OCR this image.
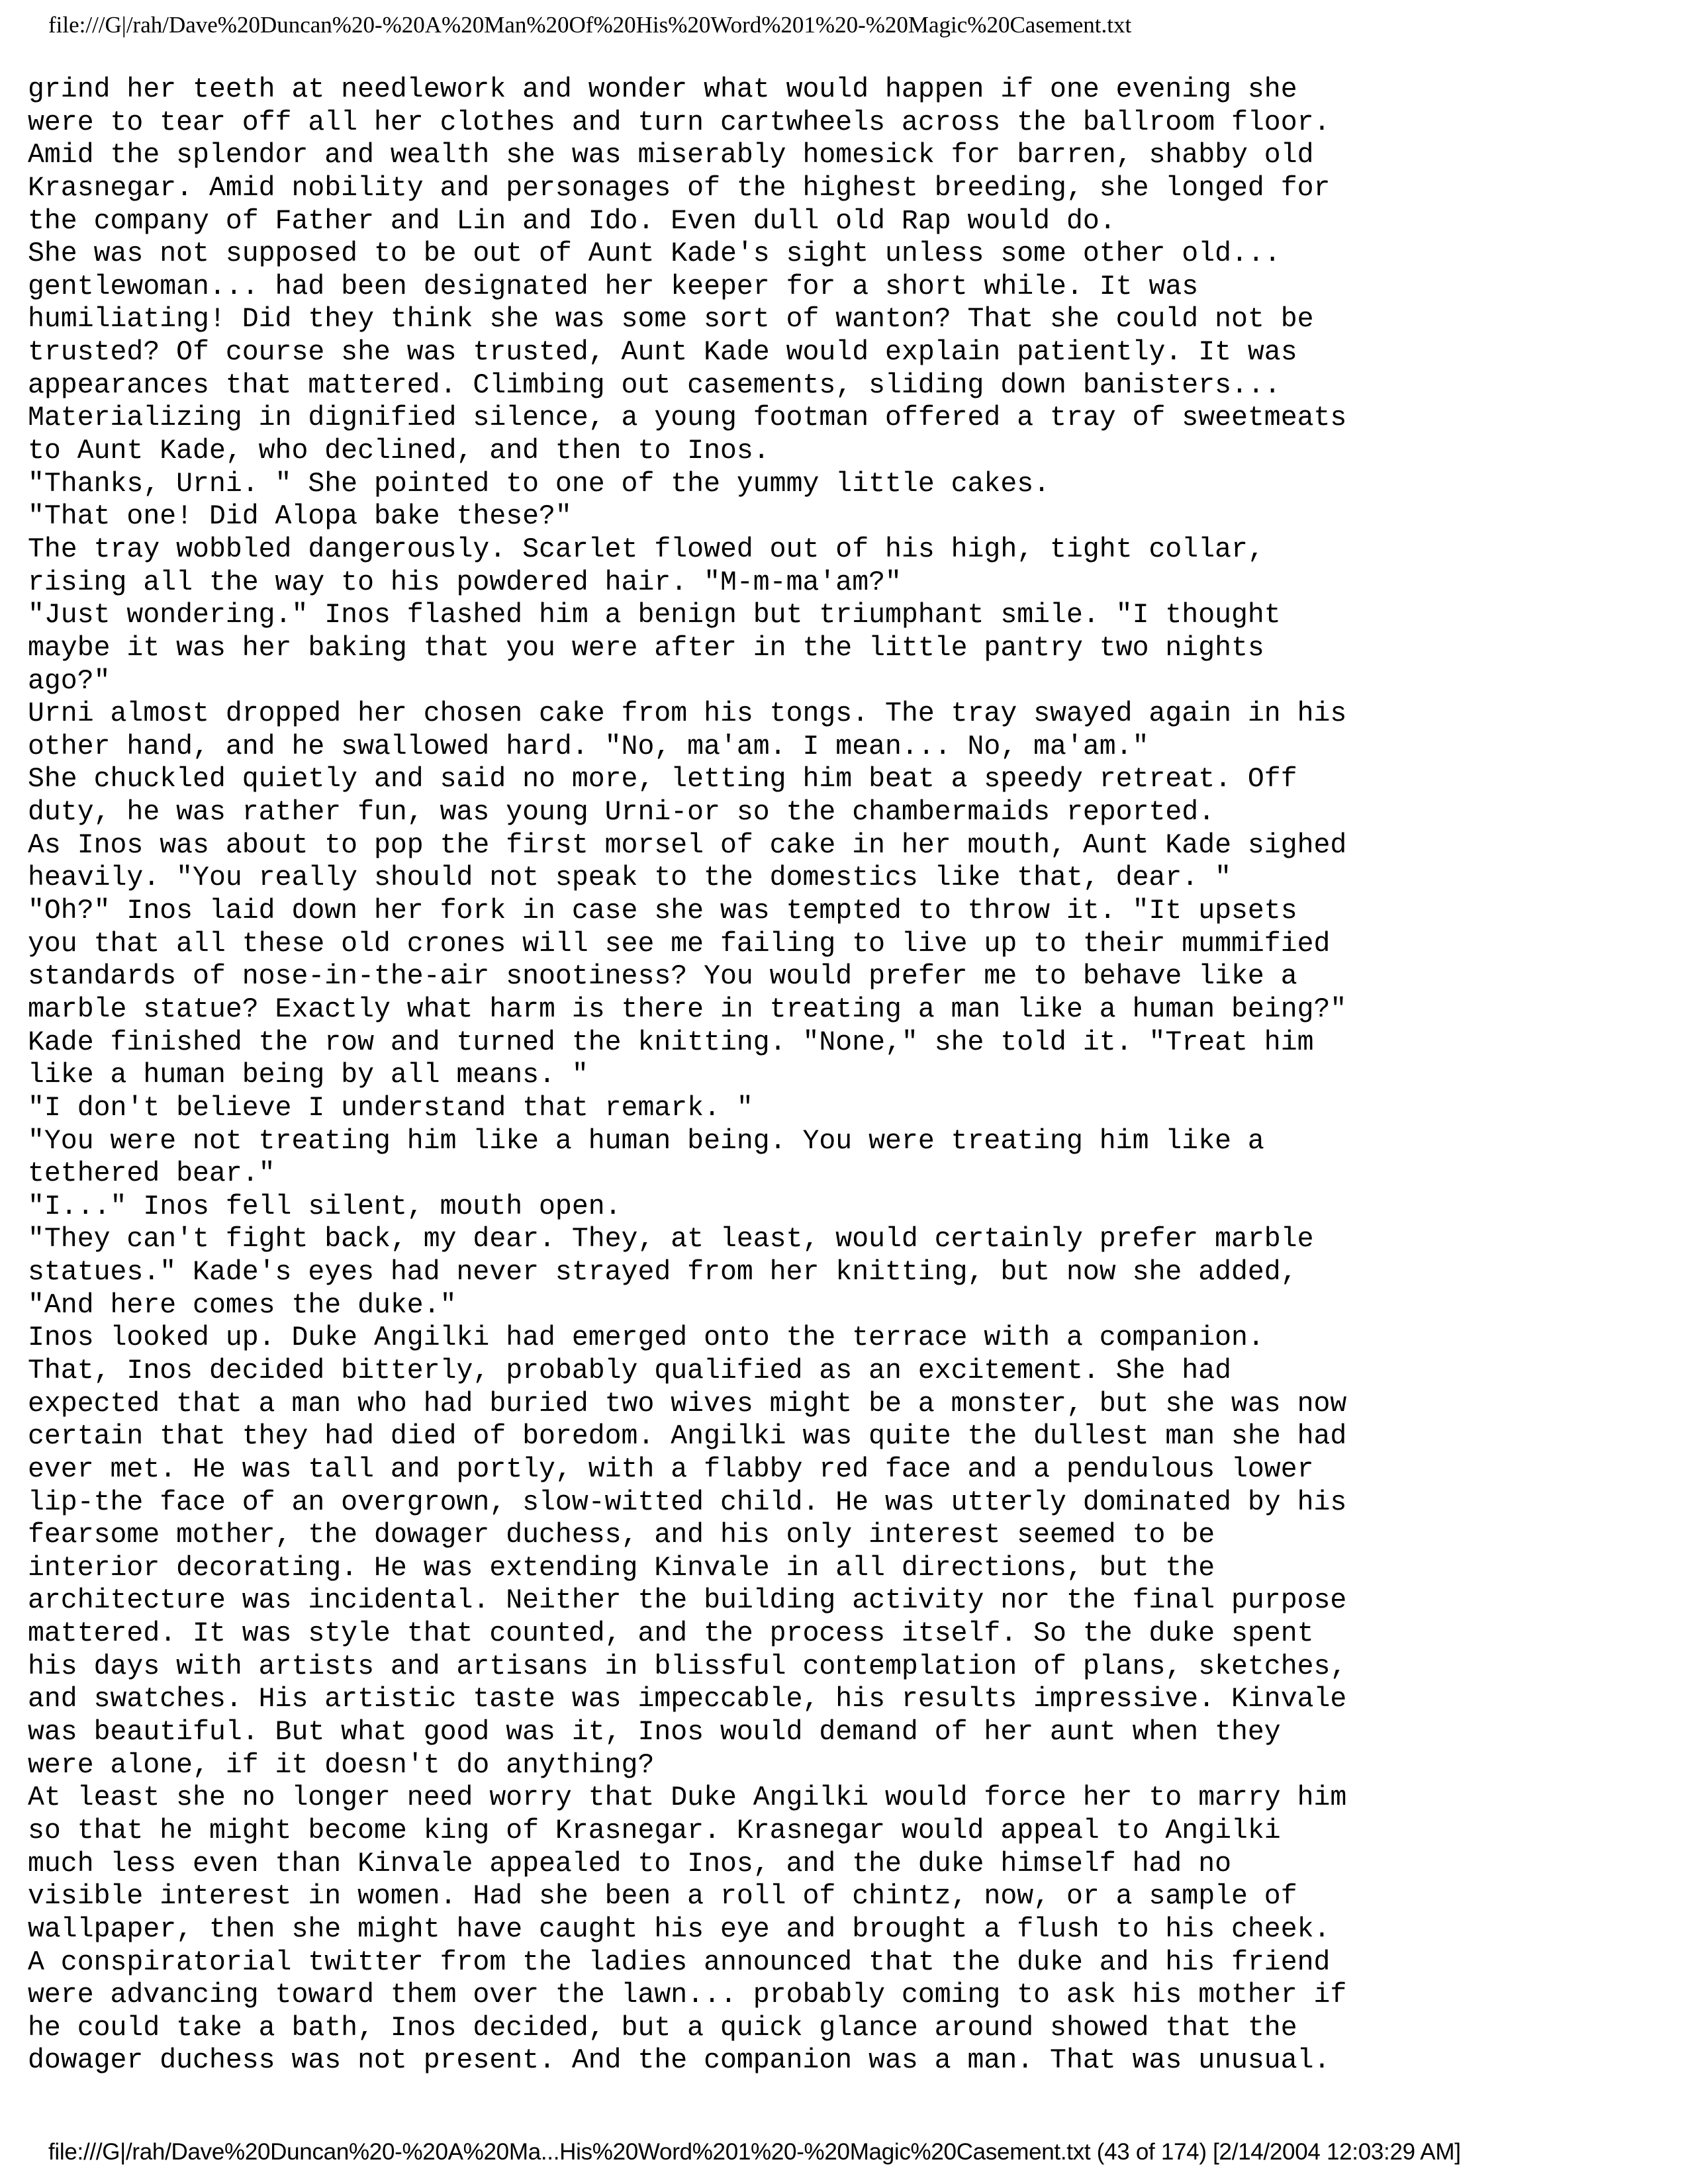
file:///G|/rah/Dave%20Duncan%20-%20A%20Man%20Of%20His%20Word%201%20-%20Magic%20Casement.txt
grind her teeth at needlework and wonder what would happen if one evening she
were to tear off all her clothes and turn cartwheels across the ballroom floor.
Amid the splendor and wealth she was miserably homesick for barren, shabby old
Krasnegar. Amid nobility and personages of the highest breeding, she longed for
the company of Father and Lin and Ido. Even dull old Rap would do.
She was not supposed to be out of Aunt Kade's sight unless some other old...
gentlewoman... had been designated her keeper for a short while. It was
humiliating! Did they think she was some sort of wanton? That she could not be
trusted? Of course she was trusted, Aunt Kade would explain patiently. It was
appearances that mattered. Climbing out casements, sliding down banisters...
Materializing in dignified silence, a young footman offered a tray of sweetmeats
to Aunt Kade, who declined, and then to Inos.
"Thanks, Urni. " She pointed to one of the yummy little cakes.
"That one! Did Alopa bake these?"
The tray wobbled dangerously. Scarlet flowed out of his high, tight collar,
rising all the way to his powdered hair. "M-m-ma'am?"
"Just wondering." Inos flashed him a benign but triumphant smile. "I thought
maybe it was her baking that you were after in the little pantry two nights
ago?"
Urni almost dropped her chosen cake from his tongs. The tray swayed again in his
other hand, and he swallowed hard. "No, ma'am. I mean... No, ma'am."
She chuckled quietly and said no more, letting him beat a speedy retreat. Off
duty, he was rather fun, was young Urni-or so the chambermaids reported.
As Inos was about to pop the first morsel of cake in her mouth, Aunt Kade sighed
heavily. "You really should not speak to the domestics like that, dear. "
"Oh?" Inos laid down her fork in case she was tempted to throw it. "It upsets
you that all these old crones will see me failing to live up to their mummified
standards of nose-in-the-air snootiness? You would prefer me to behave like a
marble statue? Exactly what harm is there in treating a man like a human being?"
Kade finished the row and turned the knitting. "None," she told it. "Treat him
like a human being by all means. "
"I don't believe I understand that remark. "
"You were not treating him like a human being. You were treating him like a
tethered bear."
"I..." Inos fell silent, mouth open.
"They can't fight back, my dear. They, at least, would certainly prefer marble
statues." Kade's eyes had never strayed from her knitting, but now she added,
"And here comes the duke."
Inos looked up. Duke Angilki had emerged onto the terrace with a companion.
That, Inos decided bitterly, probably qualified as an excitement. She had
expected that a man who had buried two wives might be a monster, but she was now
certain that they had died of boredom. Angilki was quite the dullest man she had
ever met. He was tall and portly, with a flabby red face and a pendulous lower
lip-the face of an overgrown, slow-witted child. He was utterly dominated by his
fearsome mother, the dowager duchess, and his only interest seemed to be
interior decorating. He was extending Kinvale in all directions, but the
architecture was incidental. Neither the building activity nor the final purpose
mattered. It was style that counted, and the process itself. So the duke spent
his days with artists and artisans in blissful contemplation of plans, sketches,
and swatches. His artistic taste was impeccable, his results impressive. Kinvale
was beautiful. But what good was it, Inos would demand of her aunt when they
were alone, if it doesn't do anything?
At least she no longer need worry that Duke Angilki would force her to marry him
so that he might become king of Krasnegar. Krasnegar would appeal to Angilki
much less even than Kinvale appealed to Inos, and the duke himself had no
visible interest in women. Had she been a roll of chintz, now, or a sample of
wallpaper, then she might have caught his eye and brought a flush to his cheek.
A conspiratorial twitter from the ladies announced that the duke and his friend
were advancing toward them over the lawn... probably coming to ask his mother if
he could take a bath, Inos decided, but a quick glance around showed that the
dowager duchess was not present. And the companion was a man. That was unusual.
file:///G|/rah/Dave%20Duncan%20-%20A%20Ma...His%20Word%201%20-%20Magic%20Casement.txt (43 of 174) [2/14/2004 12:03:29 AM]
